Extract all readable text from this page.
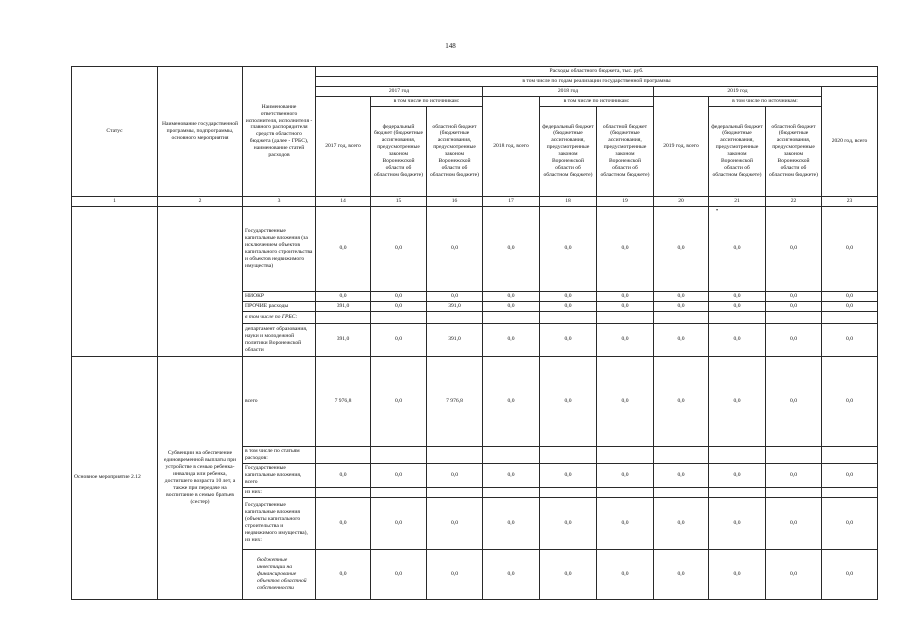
148
•
Статус	Наименование государственной программы, подпрограммы, основного мероприятия	Наименование ответственного исполнителя, исполнителя - главного распорядителя средств областного бюджета (далее - ГРБС), наименование статей расходов	Расходы областного бюджета, тыс. руб.									
			в том числе по годам реализации государственной программы									
			2017 год			2018 год			2019 год			2020 год, всего
			2017 год, всего	в том числе по источникам:		2018 год, всего	в том числе по источникам:		2019 год, всего	в том числе по источникам:		
				федеральный бюджет (бюджетные ассигнования, предусмотренные законом Воронежской области об областном бюджете)	областной бюджет (бюджетные ассигнования, предусмотренные законом Воронежской области об областном бюджете)		федеральный бюджет (бюджетные ассигнования, предусмотренные законом Воронежской области об областном бюджете)	областной бюджет (бюджетные ассигнования, предусмотренные законом Воронежской области об областном бюджете)		федеральный бюджет (бюджетные ассигнования, предусмотренные законом Воронежской области об областном бюджете)	областной бюджет (бюджетные ассигнования, предусмотренные законом Воронежской области об областном бюджете)	
1	2	3	14	15	16	17	18	19	20	21	22	23
		Государственные капитальные вложения (за исключением объектов капитального строительства и объектов недвижимого имущества)	0,0	0,0	0,0	0,0	0,0	0,0	0,0	0,0	0,0	0,0
		НИОКР	0,0	0,0	0,0	0,0	0,0	0,0	0,0	0,0	0,0	0,0
		ПРОЧИЕ расходы	391,0	0,0	391,0	0,0	0,0	0,0	0,0	0,0	0,0	0,0
		в том числе по ГРБС:										
		департамент образования, науки и молодежной политики Воронежской области	391,0	0,0	391,0	0,0	0,0	0,0	0,0	0,0	0,0	0,0
Основное мероприятие 2.12	Субвенции на обеспечение единовременной выплаты при устройстве в семью ребенка-инвалида или ребенка, достигшего возраста 10 лет, а также при передаче на воспитание в семью братьев (сестер)	всего	7 976,8	0,0	7 976,8	0,0	0,0	0,0	0,0	0,0	0,0	0,0
		в том числе по статьям расходов:										
		Государственные капитальные вложения, всего	0,0	0,0	0,0	0,0	0,0	0,0	0,0	0,0	0,0	0,0
		из них:										
		Государственные капитальные вложения (объекты капитального строительства и недвижимого имущества), из них:	0,0	0,0	0,0	0,0	0,0	0,0	0,0	0,0	0,0	0,0
		бюджетные инвестиции на финансирование объектов областной собственности	0,0	0,0	0,0	0,0	0,0	0,0	0,0	0,0	0,0	0,0
